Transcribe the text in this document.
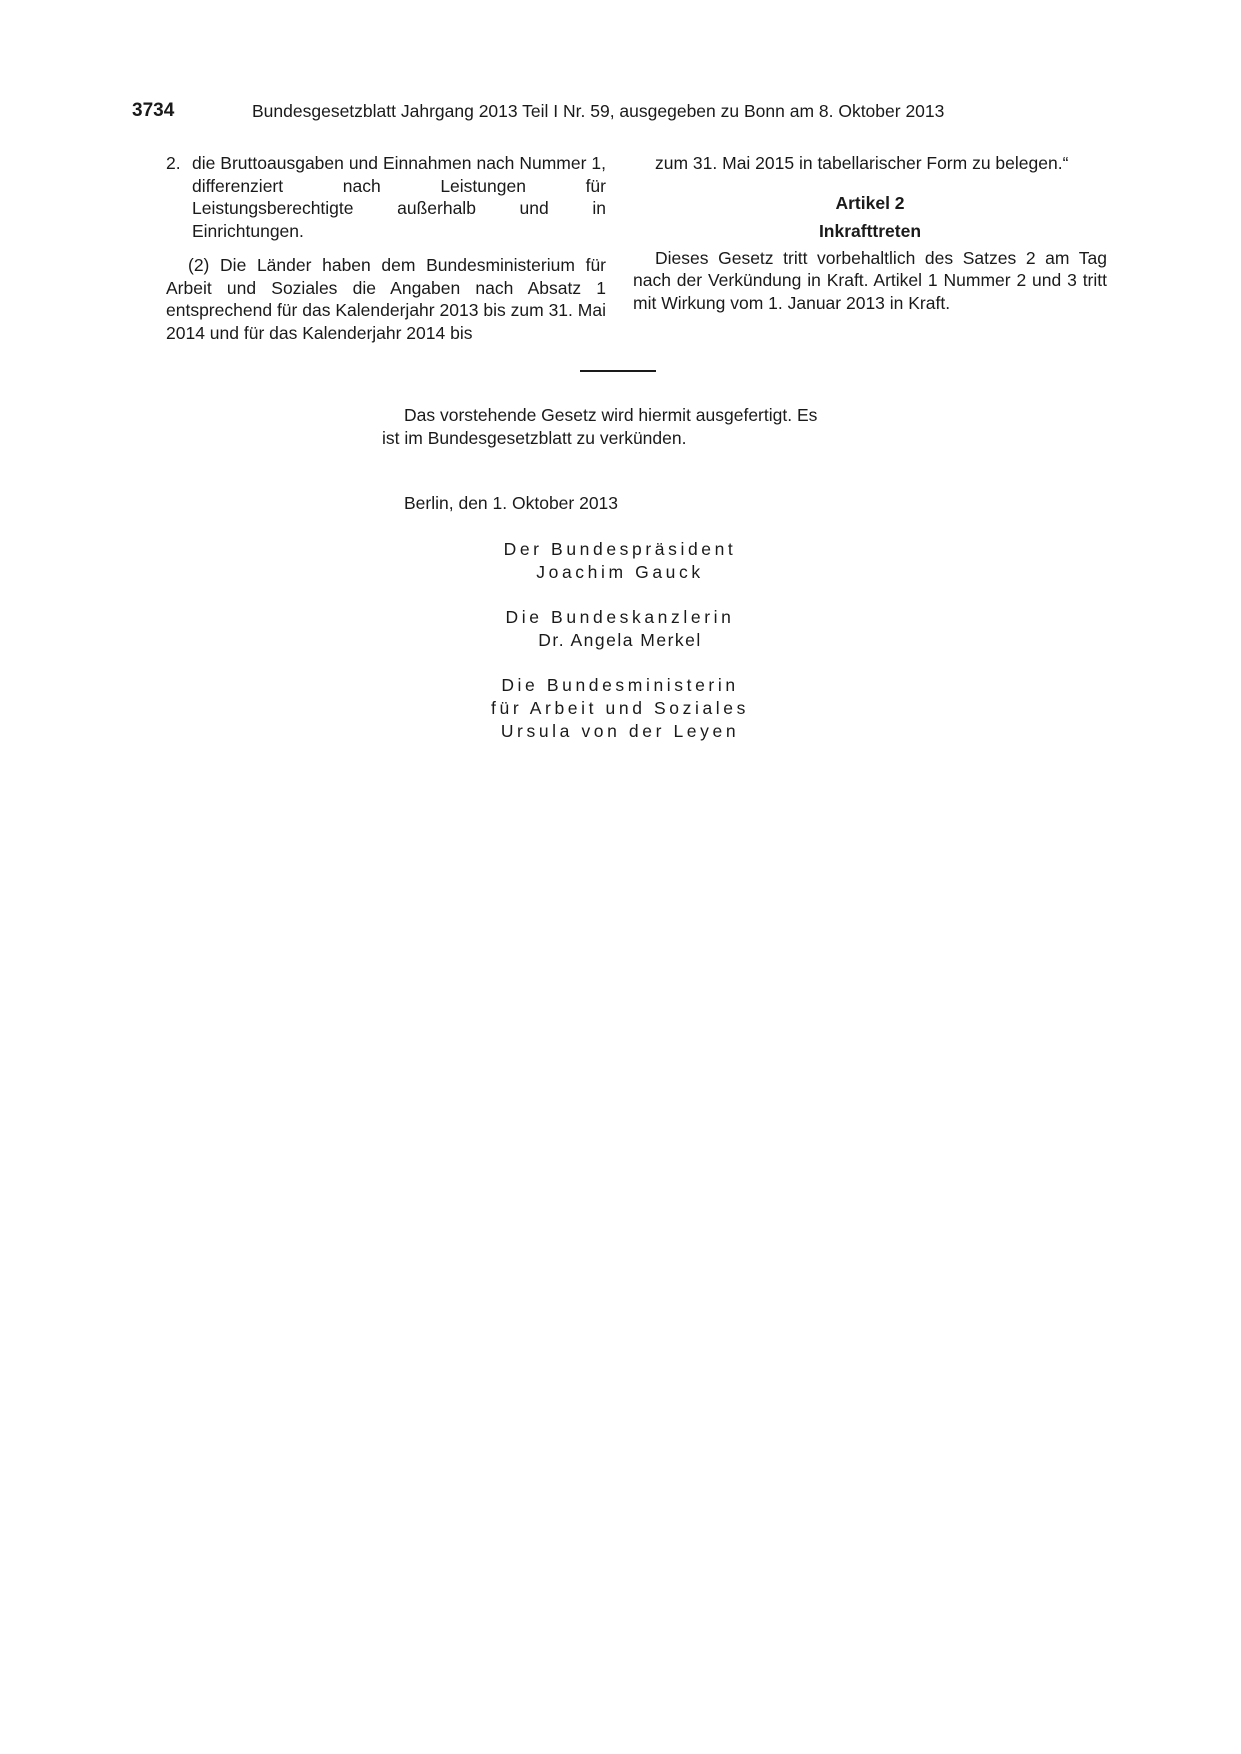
3734	Bundesgesetzblatt Jahrgang 2013 Teil I Nr. 59, ausgegeben zu Bonn am 8. Oktober 2013
2. die Bruttoausgaben und Einnahmen nach Nummer 1, differenziert nach Leistungen für Leistungsberechtigte außerhalb und in Einrichtungen.
(2) Die Länder haben dem Bundesministerium für Arbeit und Soziales die Angaben nach Absatz 1 entsprechend für das Kalenderjahr 2013 bis zum 31. Mai 2014 und für das Kalenderjahr 2014 bis
zum 31. Mai 2015 in tabellarischer Form zu belegen.“
Artikel 2
Inkrafttreten
Dieses Gesetz tritt vorbehaltlich des Satzes 2 am Tag nach der Verkündung in Kraft. Artikel 1 Nummer 2 und 3 tritt mit Wirkung vom 1. Januar 2013 in Kraft.
Das vorstehende Gesetz wird hiermit ausgefertigt. Es
ist im Bundesgesetzblatt zu verkünden.
Berlin, den 1. Oktober 2013
Der Bundespräsident
Joachim Gauck
Die Bundeskanzlerin
Dr. Angela Merkel
Die Bundesministerin
für Arbeit und Soziales
Ursula von der Leyen
